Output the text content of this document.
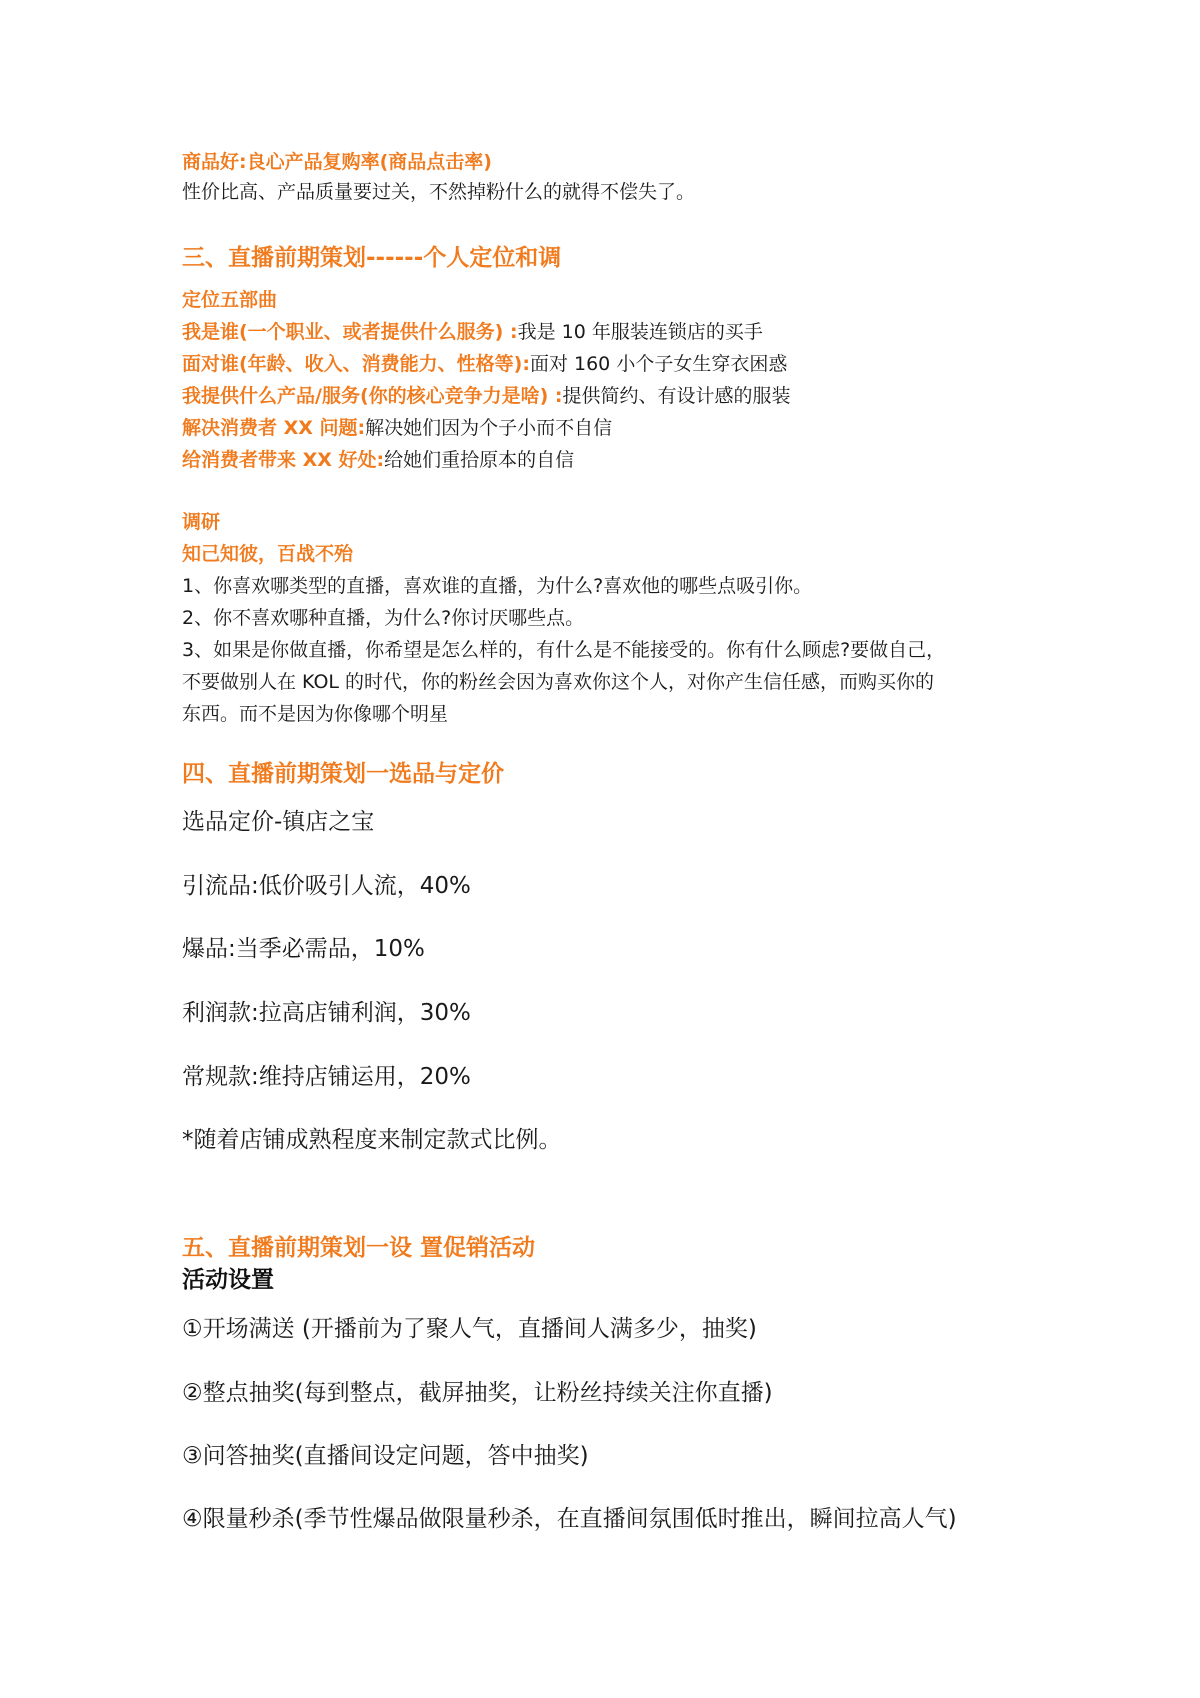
商品好:良心产品复购率(商品点击率)

性价比高、产品质量要过关，不然掉粉什么的就得不偿失了。

三、直播前期策划------个人定位和调

定位五部曲

我是谁(一个职业、或者提供什么服务) :我是 10 年服装连锁店的买手

面对谁(年龄、收入、消费能力、性格等):面对 160 小个子女生穿衣困惑

我提供什么产品/服务(你的核心竞争力是啥) :提供简约、有设计感的服装

解决消费者 XX 问题:解决她们因为个子小而不自信

给消费者带来 XX 好处:给她们重拾原本的自信

调研

知己知彼，百战不殆

1、你喜欢哪类型的直播，喜欢谁的直播，为什么?喜欢他的哪些点吸引你。

2、你不喜欢哪种直播，为什么?你讨厌哪些点。

3、如果是你做直播，你希望是怎么样的，有什么是不能接受的。你有什么顾虑?要做自己，

不要做别人在 KOL 的时代，你的粉丝会因为喜欢你这个人，对你产生信任感，而购买你的

东西。而不是因为你像哪个明星

四、直播前期策划一选品与定价

选品定价-镇店之宝

引流品:低价吸引人流，40%

爆品:当季必需品，10%

利润款:拉高店铺利润，30%

常规款:维持店铺运用，20%

*随着店铺成熟程度来制定款式比例。

五、直播前期策划一设 置促销活动

活动设置

①开场满送 (开播前为了聚人气，直播间人满多少，抽奖)

②整点抽奖(每到整点，截屏抽奖，让粉丝持续关注你直播)

③问答抽奖(直播间设定问题，答中抽奖)

④限量秒杀(季节性爆品做限量秒杀，在直播间氛围低时推出，瞬间拉高人气)
